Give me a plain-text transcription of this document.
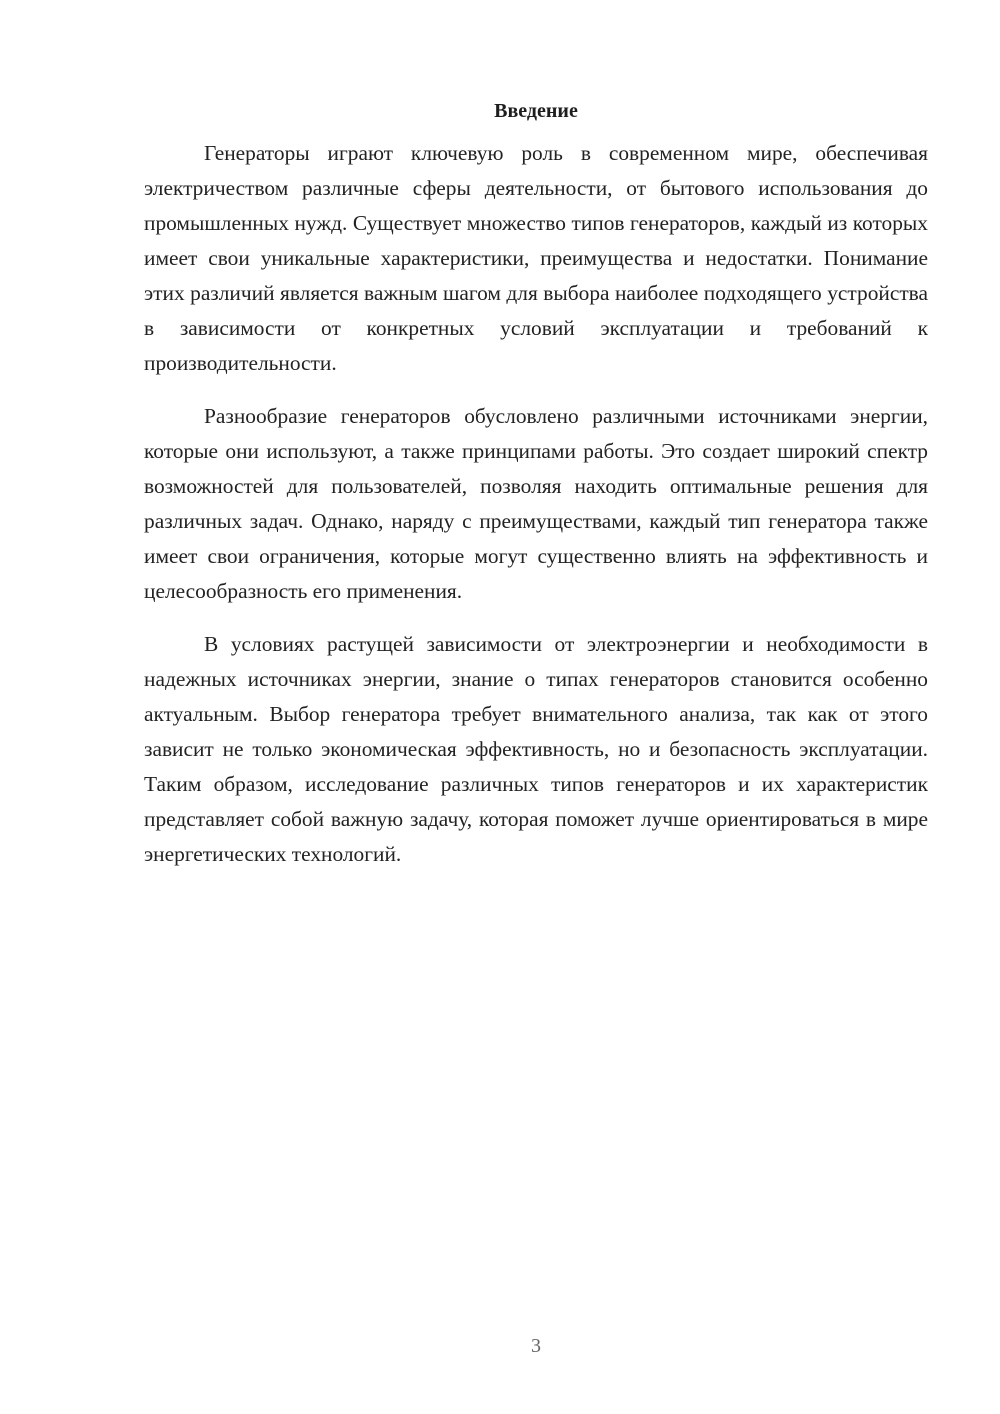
Введение

Генераторы играют ключевую роль в современном мире, обеспечивая электричеством различные сферы деятельности, от бытового использования до промышленных нужд. Существует множество типов генераторов, каждый из которых имеет свои уникальные характеристики, преимущества и недостатки. Понимание этих различий является важным шагом для выбора наиболее подходящего устройства в зависимости от конкретных условий эксплуатации и требований к производительности.

Разнообразие генераторов обусловлено различными источниками энергии, которые они используют, а также принципами работы. Это создает широкий спектр возможностей для пользователей, позволяя находить оптимальные решения для различных задач. Однако, наряду с преимуществами, каждый тип генератора также имеет свои ограничения, которые могут существенно влиять на эффективность и целесообразность его применения.

В условиях растущей зависимости от электроэнергии и необходимости в надежных источниках энергии, знание о типах генераторов становится особенно актуальным. Выбор генератора требует внимательного анализа, так как от этого зависит не только экономическая эффективность, но и безопасность эксплуатации. Таким образом, исследование различных типов генераторов и их характеристик представляет собой важную задачу, которая поможет лучше ориентироваться в мире энергетических технологий.

3
